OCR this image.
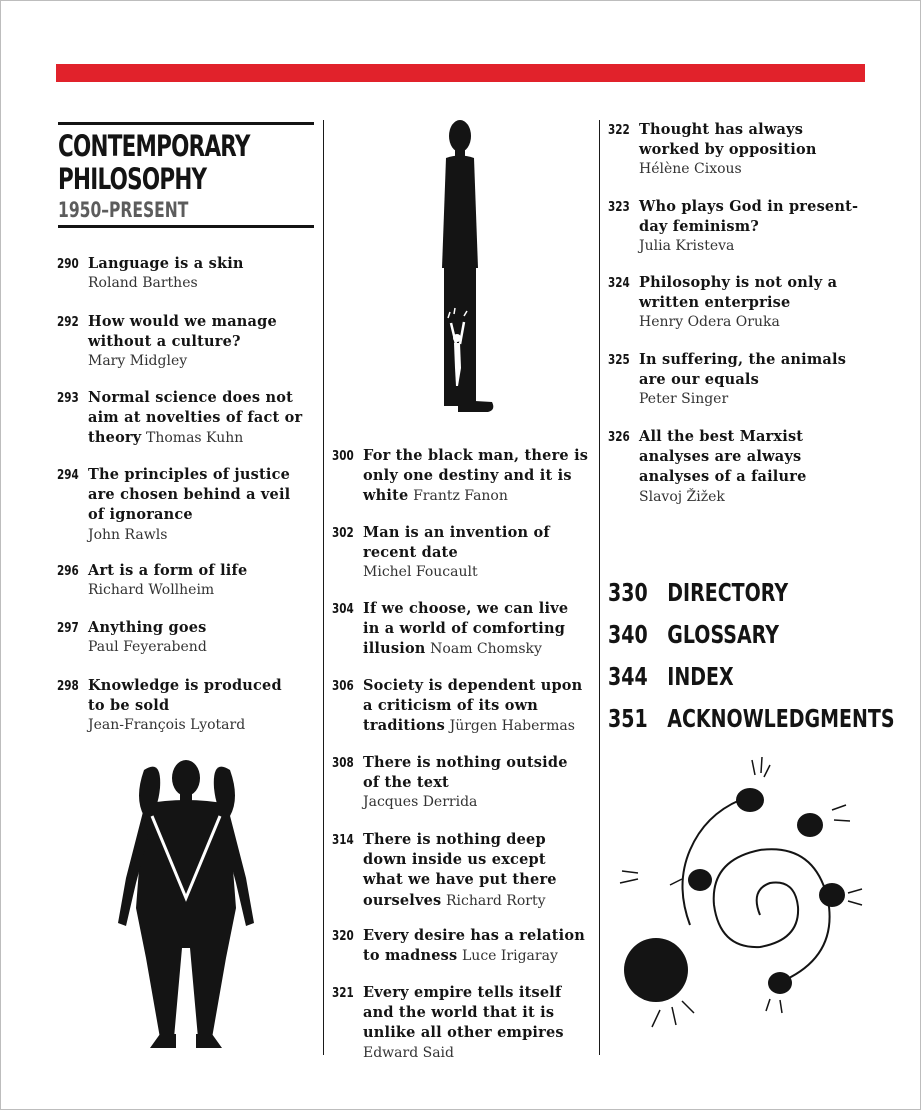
CONTEMPORARY
PHILOSOPHY
1950–PRESENT
290 Language is a skin
Roland Barthes
292 How would we manage without a culture?
Mary Midgley
293 Normal science does not aim at novelties of fact or theory Thomas Kuhn
294 The principles of justice are chosen behind a veil of ignorance
John Rawls
296 Art is a form of life
Richard Wollheim
297 Anything goes
Paul Feyerabend
298 Knowledge is produced to be sold
Jean-François Lyotard
300 For the black man, there is only one destiny and it is white Frantz Fanon
302 Man is an invention of recent date
Michel Foucault
304 If we choose, we can live in a world of comforting illusion Noam Chomsky
306 Society is dependent upon a criticism of its own traditions Jürgen Habermas
308 There is nothing outside of the text
Jacques Derrida
314 There is nothing deep down inside us except what we have put there ourselves Richard Rorty
320 Every desire has a relation to madness Luce Irigaray
321 Every empire tells itself and the world that it is unlike all other empires
Edward Said
322 Thought has always worked by opposition
Hélène Cixous
323 Who plays God in present-day feminism?
Julia Kristeva
324 Philosophy is not only a written enterprise
Henry Odera Oruka
325 In suffering, the animals are our equals
Peter Singer
326 All the best Marxist analyses are always analyses of a failure
Slavoj Žižek
330 DIRECTORY
340 GLOSSARY
344 INDEX
351 ACKNOWLEDGMENTS
